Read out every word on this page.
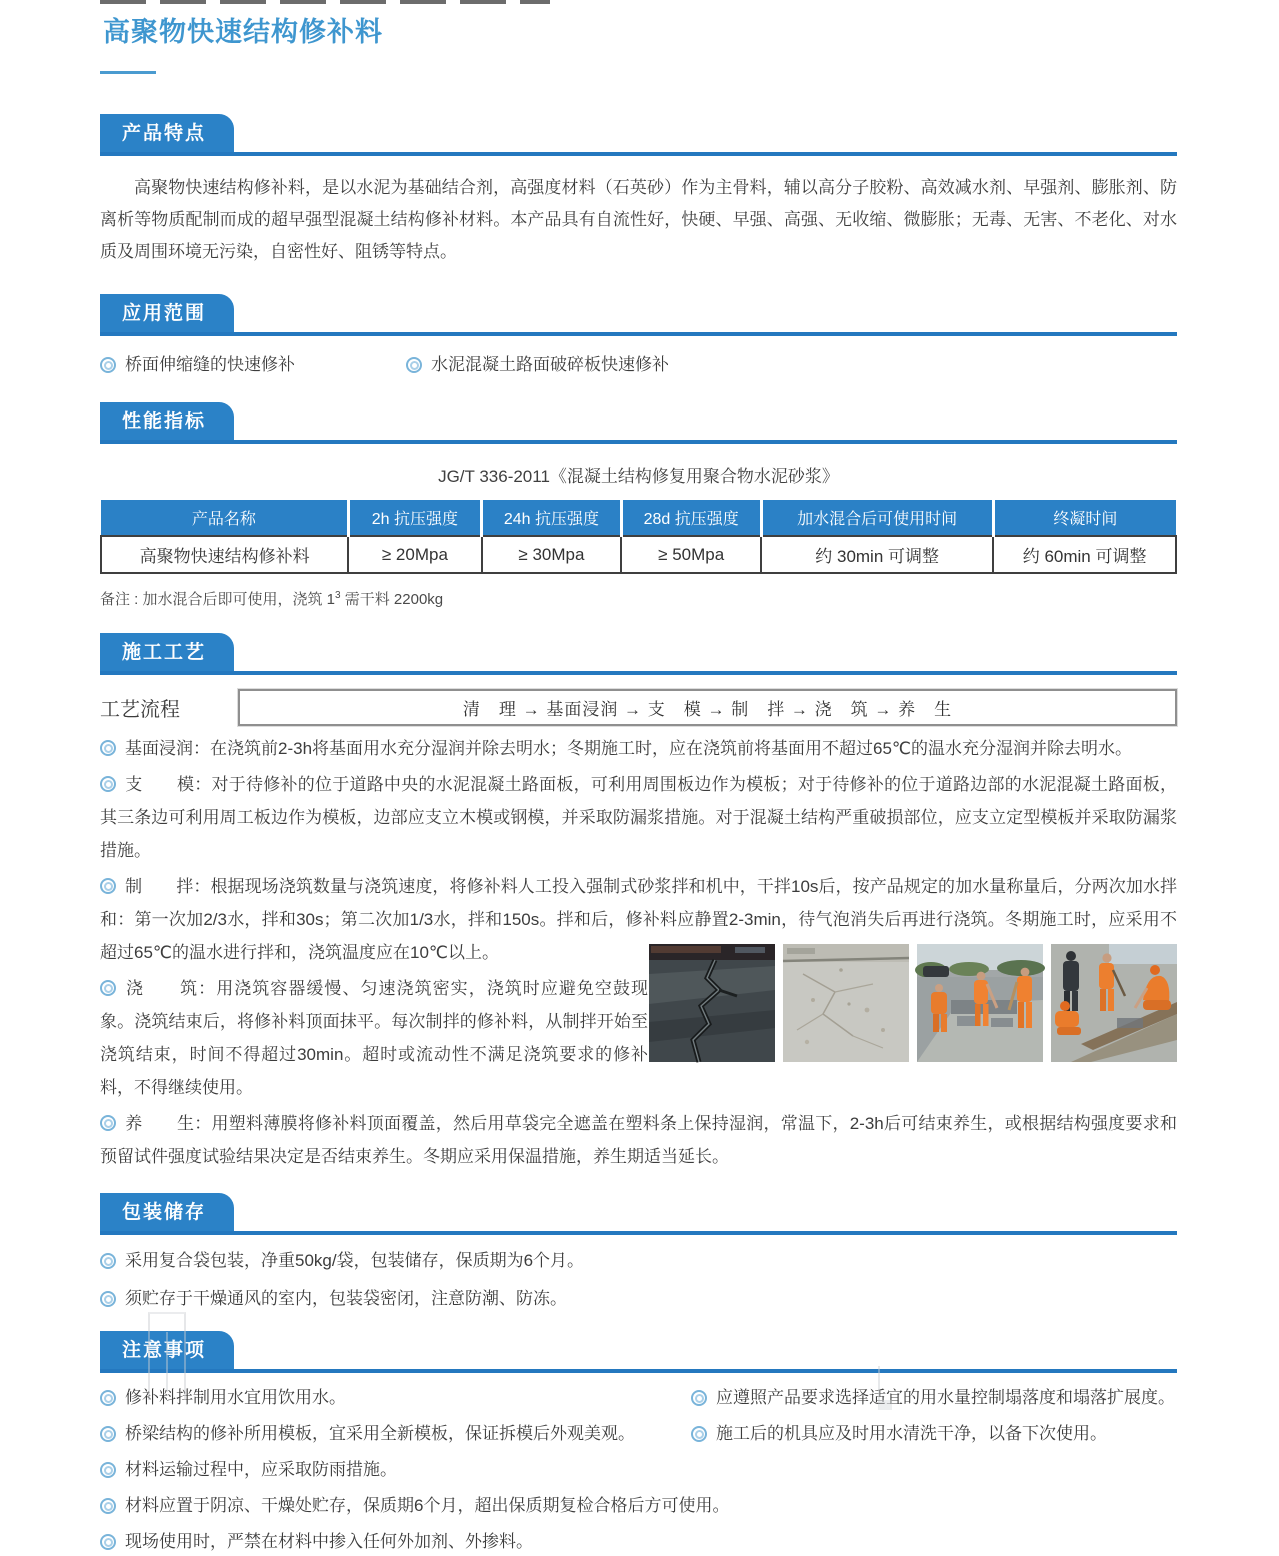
高聚物快速结构修补料
产品特点

高聚物快速结构修补料，是以水泥为基础结合剂，高强度材料（石英砂）作为主骨料，辅以高分子胶粉、高效减水剂、早强剂、膨胀剂、防离析等物质配制而成的超早强型混凝土结构修补材料。本产品具有自流性好，快硬、早强、高强、无收缩、微膨胀；无毒、无害、不老化、对水质及周围环境无污染，自密性好、阻锈等特点。

应用范围
桥面伸缩缝的快速修补	水泥混凝土路面破碎板快速修补
性能指标
JG/T 336-2011《混凝土结构修复用聚合物水泥砂浆》
产品名称	2h 抗压强度	24h 抗压强度	28d 抗压强度	加水混合后可使用时间	终凝时间
高聚物快速结构修补料	≥ 20Mpa	≥ 30Mpa	≥ 50Mpa	约 30min 可调整	约 60min 可调整
备注 : 加水混合后即可使用，浇筑 $1^3$ 需干料 2200kg
施工工艺
工艺流程	清　理 → 基面浸润 → 支　模 → 制　拌 → 浇　筑 → 养　生

基面浸润：在浇筑前2-3h将基面用水充分湿润并除去明水；冬期施工时，应在浇筑前将基面用不超过65℃的温水充分湿润并除去明水。

支　　模：对于待修补的位于道路中央的水泥混凝土路面板，可利用周围板边作为模板；对于待修补的位于道路边部的水泥混凝土路面板，其三条边可利用周工板边作为模板，边部应支立木模或钢模，并采取防漏浆措施。对于混凝土结构严重破损部位，应支立定型模板并采取防漏浆措施。

制　　拌：根据现场浇筑数量与浇筑速度，将修补料人工投入强制式砂浆拌和机中，干拌10s后，按产品规定的加水量称量后，分两次加水拌和：第一次加2/3水，拌和30s；第二次加1/3水，拌和150s。拌和后，修补料应静置2-3min，待气泡消失后再进行浇筑。冬期施工时，应采用不超过65℃的温水进行拌和，浇筑温度应在10℃以上。

浇　　筑：用浇筑容器缓慢、匀速浇筑密实，浇筑时应避免空鼓现象。浇筑结束后，将修补料顶面抹平。每次制拌的修补料，从制拌开始至浇筑结束，时间不得超过30min。超时或流动性不满足浇筑要求的修补料，不得继续使用。

养　　生：用塑料薄膜将修补料顶面覆盖，然后用草袋完全遮盖在塑料条上保持湿润，常温下，2-3h后可结束养生，或根据结构强度要求和预留试件强度试验结果决定是否结束养生。冬期应采用保温措施，养生期适当延长。

包装储存
采用复合袋包装，净重50kg/袋，包装储存，保质期为6个月。
须贮存于干燥通风的室内，包装袋密闭，注意防潮、防冻。
注意事项
修补料拌制用水宜用饮用水。	应遵照产品要求选择适宜的用水量控制塌落度和塌落扩展度。
桥梁结构的修补所用模板，宜采用全新模板，保证拆模后外观美观。	施工后的机具应及时用水清洗干净，以备下次使用。
材料运输过程中，应采取防雨措施。
材料应置于阴凉、干燥处贮存，保质期6个月，超出保质期复检合格后方可使用。
现场使用时，严禁在材料中掺入任何外加剂、外掺料。
